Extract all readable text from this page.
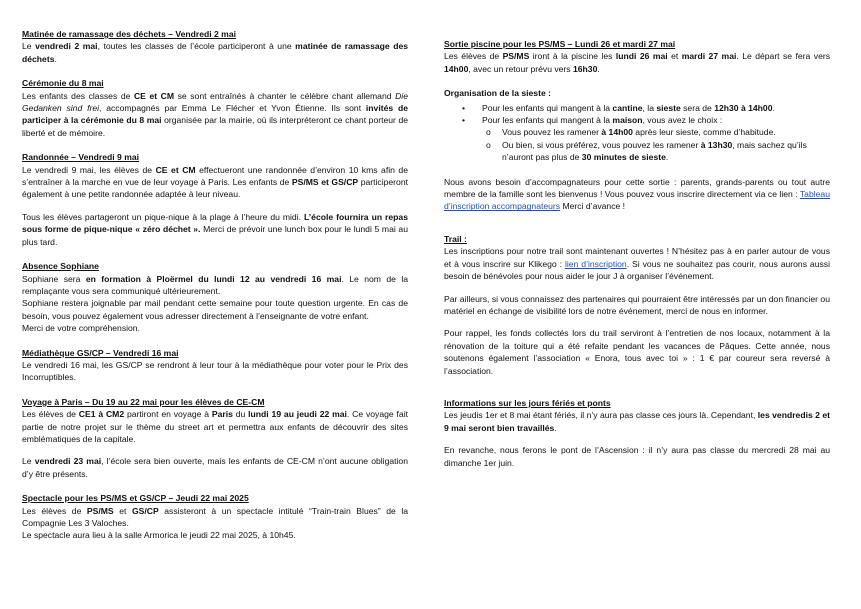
Matinée de ramassage des déchets – Vendredi 2 mai

Le vendredi 2 mai, toutes les classes de l’école participeront à une matinée de ramassage des déchets.

Cérémonie du 8 mai

Les enfants des classes de CE et CM se sont entraînés à chanter le célèbre chant allemand Die Gedanken sind frei, accompagnés par Emma Le Flécher et Yvon Étienne. Ils sont invités de participer à la cérémonie du 8 mai organisée par la mairie, où ils interpréteront ce chant porteur de liberté et de mémoire.

Randonnée – Vendredi 9 mai

Le vendredi 9 mai, les élèves de CE et CM effectueront une randonnée d’environ 10 kms afin de s’entraîner à la marche en vue de leur voyage à Paris. Les enfants de PS/MS et GS/CP participeront également à une petite randonnée adaptée à leur niveau.

Tous les élèves partageront un pique-nique à la plage à l’heure du midi. L’école fournira un repas sous forme de pique-nique « zéro déchet ». Merci de prévoir une lunch box pour le lundi 5 mai au plus tard.

Absence Sophiane

Sophiane sera en formation à Ploërmel du lundi 12 au vendredi 16 mai. Le nom de la remplaçante vous sera communiqué ultérieurement.

Sophiane restera joignable par mail pendant cette semaine pour toute question urgente. En cas de besoin, vous pouvez également vous adresser directement à l’enseignante de votre enfant.

Merci de votre compréhension.

Médiathèque GS/CP – Vendredi 16 mai

Le vendredi 16 mai, les GS/CP se rendront à leur tour à la médiathèque pour voter pour le Prix des Incorruptibles.

Voyage à Paris – Du 19 au 22 mai pour les élèves de CE-CM

Les élèves de CE1 à CM2 partiront en voyage à Paris du lundi 19 au jeudi 22 mai. Ce voyage fait partie de notre projet sur le thème du street art et permettra aux enfants de découvrir des sites emblématiques de la capitale.

Le vendredi 23 mai, l’école sera bien ouverte, mais les enfants de CE-CM n’ont aucune obligation d’y être présents.

Spectacle pour les PS/MS et GS/CP – Jeudi 22 mai 2025

Les élèves de PS/MS et GS/CP assisteront à un spectacle intitulé “Train-train Blues” de la Compagnie Les 3 Valoches.

Le spectacle aura lieu à la salle Armorica le jeudi 22 mai 2025, à 10h45.

Sortie piscine pour les PS/MS – Lundi 26 et mardi 27 mai

Les élèves de PS/MS iront à la piscine les lundi 26 mai et mardi 27 mai. Le départ se fera vers 14h00, avec un retour prévu vers 16h30.

Organisation de la sieste :
• Pour les enfants qui mangent à la cantine, la sieste sera de 12h30 à 14h00.
• Pour les enfants qui mangent à la maison, vous avez le choix :
o Vous pouvez les ramener à 14h00 après leur sieste, comme d’habitude.
o Ou bien, si vous préférez, vous pouvez les ramener à 13h30, mais sachez qu’ils n’auront pas plus de 30 minutes de sieste.

Nous avons besoin d’accompagnateurs pour cette sortie : parents, grands-parents ou tout autre membre de la famille sont les bienvenus ! Vous pouvez vous inscrire directement via ce lien : Tableau d’inscription accompagnateurs Merci d’avance !

Trail :

Les inscriptions pour notre trail sont maintenant ouvertes ! N’hésitez pas à en parler autour de vous et à vous inscrire sur Klikego : lien d’inscription. Si vous ne souhaitez pas courir, nous aurons aussi besoin de bénévoles pour nous aider le jour J à organiser l’événement.

Par ailleurs, si vous connaissez des partenaires qui pourraient être intéressés par un don financier ou matériel en échange de visibilité lors de notre événement, merci de nous en informer.

Pour rappel, les fonds collectés lors du trail serviront à l’entretien de nos locaux, notamment à la rénovation de la toiture qui a été refaite pendant les vacances de Pâques. Cette année, nous soutenons également l’association « Enora, tous avec toi » : 1 € par coureur sera reversé à l’association.

Informations sur les jours fériés et ponts

Les jeudis 1er et 8 mai étant fériés, il n’y aura pas classe ces jours là. Cependant, les vendredis 2 et 9 mai seront bien travaillés.

En revanche, nous ferons le pont de l’Ascension : il n’y aura pas classe du mercredi 28 mai au dimanche 1er juin.
